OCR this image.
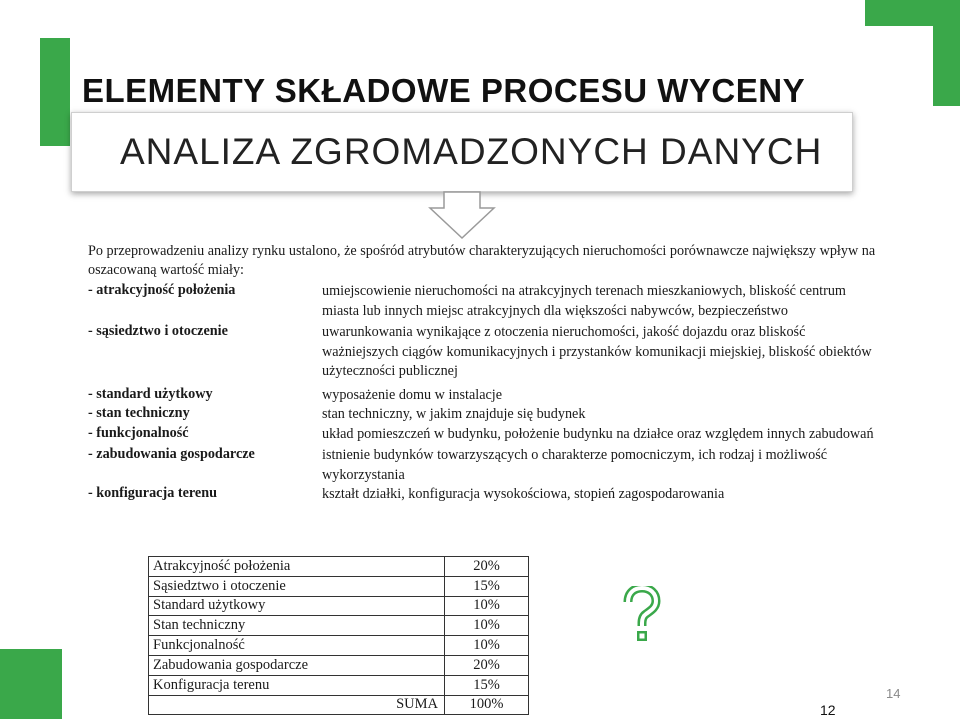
ELEMENTY SKŁADOWE PROCESU WYCENY
ANALIZA ZGROMADZONYCH DANYCH
Po przeprowadzeniu analizy rynku ustalono, że spośród atrybutów charakteryzujących nieruchomości porównawcze największy wpływ na oszacowaną wartość miały:
- atrakcyjność położenia	umiejscowienie nieruchomości na atrakcyjnych terenach mieszkaniowych, bliskość centrum miasta lub innych miejsc atrakcyjnych dla większości nabywców, bezpieczeństwo
- sąsiedztwo i otoczenie	uwarunkowania wynikające z otoczenia nieruchomości, jakość dojazdu oraz bliskość ważniejszych ciągów komunikacyjnych i przystanków komunikacji miejskiej, bliskość obiektów użyteczności publicznej
- standard użytkowy	wyposażenie domu w instalacje
- stan techniczny	stan techniczny, w jakim znajduje się budynek
- funkcjonalność	układ pomieszczeń w budynku, położenie budynku na działce oraz względem innych zabudowań
- zabudowania gospodarcze	istnienie budynków towarzyszących o charakterze pomocniczym, ich rodzaj i możliwość wykorzystania
- konfiguracja terenu	kształt działki, konfiguracja wysokościowa, stopień zagospodarowania
Atrakcyjność położenia	20%
Sąsiedztwo i otoczenie	15%
Standard użytkowy	10%
Stan techniczny	10%
Funkcjonalność	10%
Zabudowania gospodarcze	20%
Konfiguracja terenu	15%
SUMA	100%	12
14
